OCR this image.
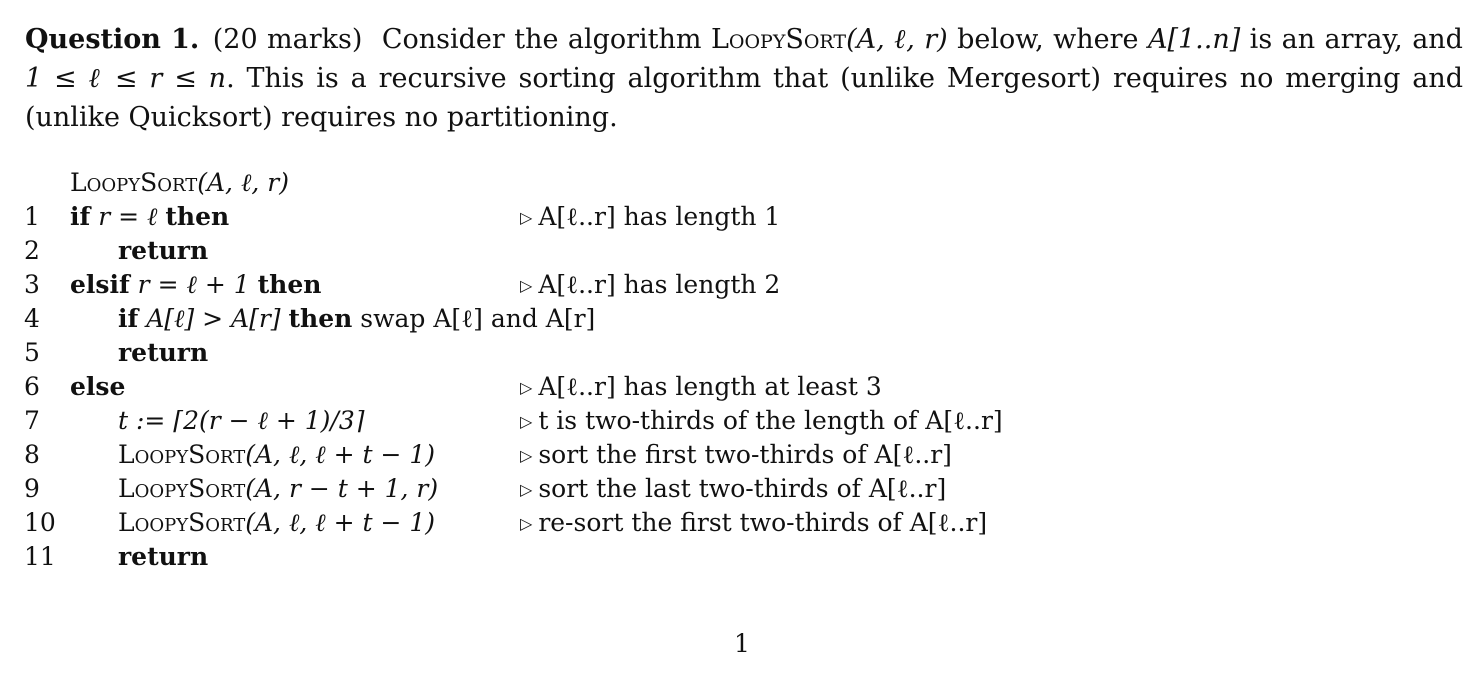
Question 1. (20 marks) Consider the algorithm LoopySort(A, ℓ, r) below, where A[1..n] is an array, and 1 ≤ ℓ ≤ r ≤ n. This is a recursive sorting algorithm that (unlike Mergesort) requires no merging and (unlike Quicksort) requires no partitioning.
LoopySort(A, ℓ, r)
1	if r = ℓ then	▷ A[ℓ..r] has length 1
2	return
3	elsif r = ℓ + 1 then	▷ A[ℓ..r] has length 2
4	if A[ℓ] > A[r] then swap A[ℓ] and A[r]
5	return
6	else	▷ A[ℓ..r] has length at least 3
7	t := ⌈2(r − ℓ + 1)/3⌉	▷ t is two-thirds of the length of A[ℓ..r]
8	LoopySort(A, ℓ, ℓ + t − 1)	▷ sort the first two-thirds of A[ℓ..r]
9	LoopySort(A, r − t + 1, r)	▷ sort the last two-thirds of A[ℓ..r]
10 LoopySort(A, ℓ, ℓ + t − 1)	▷ re-sort the first two-thirds of A[ℓ..r]
11 return
1
